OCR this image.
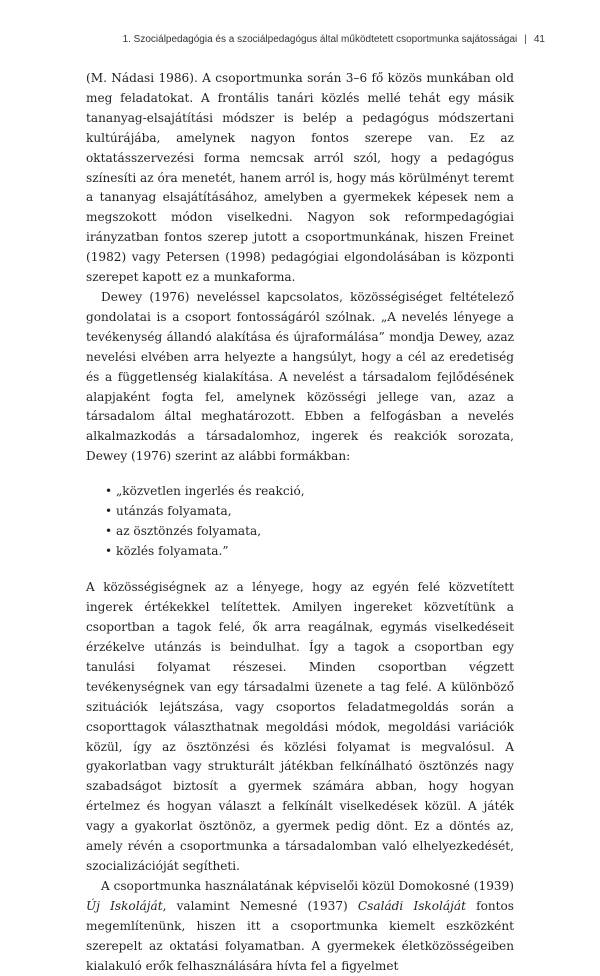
1. Szociálpedagógia és a szociálpedagógus által működtetett csoportmunka sajátosságai | 41

(M. Nádasi 1986). A csoportmunka során 3–6 fő közös munkában old meg feladatokat. A frontális tanári közlés mellé tehát egy másik tananyag-elsajátítási módszer is belép a pedagógus módszertani kultúrájába, amelynek nagyon fontos szerepe van. Ez az oktatásszervezési forma nemcsak arról szól, hogy a pedagógus színesíti az óra menetét, hanem arról is, hogy más körülményt teremt a tananyag elsajátításához, amelyben a gyermekek képesek nem a megszokott módon viselkedni. Nagyon sok reformpedagógiai irányzatban fontos szerep jutott a csoportmunkának, hiszen Freinet (1982) vagy Petersen (1998) pedagógiai elgondolásában is központi szerepet kapott ez a munkaforma.

Dewey (1976) neveléssel kapcsolatos, közösségiséget feltételező gondolatai is a csoport fontosságáról szólnak. „A nevelés lényege a tevékenység állandó alakítása és újraformálása” mondja Dewey, azaz nevelési elvében arra helyezte a hangsúlyt, hogy a cél az eredetiség és a függetlenség kialakítása. A nevelést a társadalom fejlődésének alapjaként fogta fel, amelynek közösségi jellege van, azaz a társadalom által meghatározott. Ebben a felfogásban a nevelés alkalmazkodás a társadalomhoz, ingerek és reakciók sorozata, Dewey (1976) szerint az alábbi formákban:

• „közvetlen ingerlés és reakció,
• utánzás folyamata,
• az ösztönzés folyamata,
• közlés folyamata.”

A közösségiségnek az a lényege, hogy az egyén felé közvetített ingerek értékekkel telítettek. Amilyen ingereket közvetítünk a csoportban a tagok felé, ők arra reagálnak, egymás viselkedéseit érzékelve utánzás is beindulhat. Így a tagok a csoportban egy tanulási folyamat részesei. Minden csoportban végzett tevékenységnek van egy társadalmi üzenete a tag felé. A különböző szituációk lejátszása, vagy csoportos feladatmegoldás során a csoporttagok választhatnak megoldási módok, megoldási variációk közül, így az ösztönzési és közlési folyamat is megvalósul. A gyakorlatban vagy strukturált játékban felkínálható ösztönzés nagy szabadságot biztosít a gyermek számára abban, hogy hogyan értelmez és hogyan választ a felkínált viselkedések közül. A játék vagy a gyakorlat ösztönöz, a gyermek pedig dönt. Ez a döntés az, amely révén a csoportmunka a társadalomban való elhelyezkedését, szocializációját segítheti.

A csoportmunka használatának képviselői közül Domokosné (1939) Új Iskoláját, valamint Nemesné (1937) Családi Iskoláját fontos megemlítenünk, hiszen itt a csoportmunka kiemelt eszközként szerepelt az oktatási folyamatban. A gyermekek életközösségeiben kialakuló erők felhasználására hívta fel a figyelmet
